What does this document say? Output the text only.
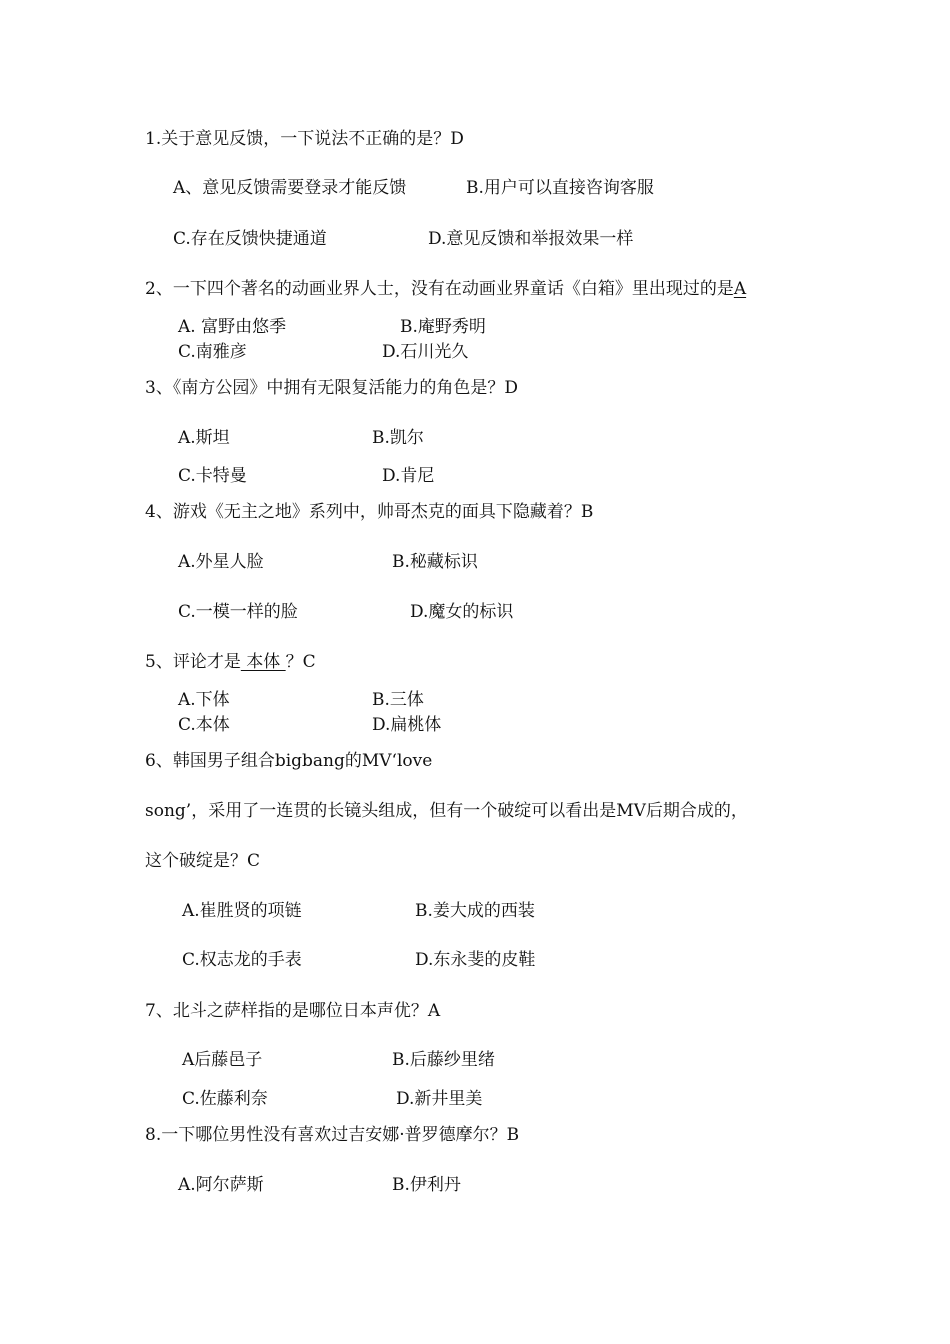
1.关于意见反馈，一下说法不正确的是？D
A、意见反馈需要登录才能反馈	B.用户可以直接咨询客服
C.存在反馈快捷通道	D.意见反馈和举报效果一样
2、一下四个著名的动画业界人士，没有在动画业界童话《白箱》里出现过的是A
A. 富野由悠季	B.庵野秀明
C.南雅彦	D.石川光久
3、《南方公园》中拥有无限复活能力的角色是？D
A.斯坦	B.凯尔
C.卡特曼	D.肯尼
4、游戏《无主之地》系列中，帅哥杰克的面具下隐藏着？B
A.外星人脸	B.秘藏标识
C.一模一样的脸	D.魔女的标识
5、评论才是 本体 ？C
A.下体	B.三体
C.本体	D.扁桃体
6、韩国男子组合bigbang的MV‘love
song’，采用了一连贯的长镜头组成，但有一个破绽可以看出是MV后期合成的，
这个破绽是？C
A.崔胜贤的项链	B.姜大成的西装
C.权志龙的手表	D.东永斐的皮鞋
7、北斗之萨样指的是哪位日本声优？A
A后藤邑子	B.后藤纱里绪
C.佐藤利奈	D.新井里美
8.一下哪位男性没有喜欢过吉安娜·普罗德摩尔？B
A.阿尔萨斯	B.伊利丹
